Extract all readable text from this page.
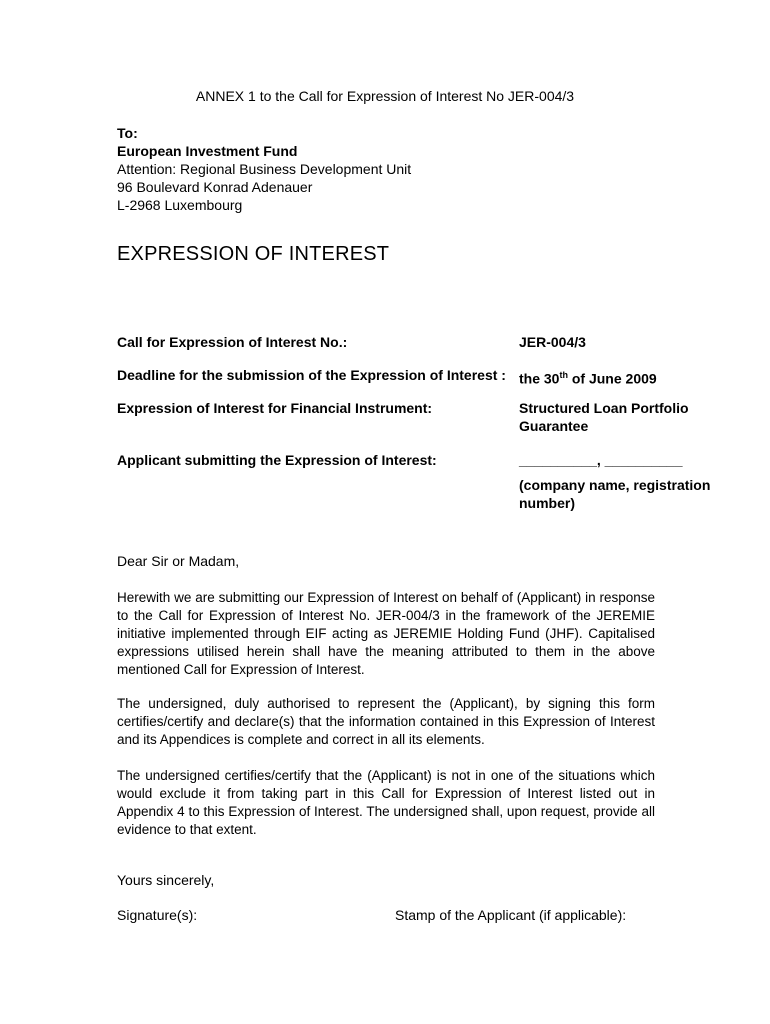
ANNEX 1 to the Call for Expression of Interest No JER-004/3
To:
European Investment Fund
Attention: Regional Business Development Unit
96 Boulevard Konrad Adenauer
L-2968 Luxembourg
EXPRESSION OF INTEREST
Call for Expression of Interest No.:	JER-004/3
Deadline for the submission of the Expression of Interest : the 30th of June 2009
Expression of Interest for Financial Instrument:	Structured Loan Portfolio Guarantee
Applicant submitting the Expression of Interest:	__________, __________
(company name, registration number)
Dear Sir or Madam,

Herewith we are submitting our Expression of Interest on behalf of (Applicant) in response to the Call for Expression of Interest No. JER-004/3 in the framework of the JEREMIE initiative implemented through EIF acting as JEREMIE Holding Fund (JHF). Capitalised expressions utilised herein shall have the meaning attributed to them in the above mentioned Call for Expression of Interest.

The undersigned, duly authorised to represent the (Applicant), by signing this form certifies/certify and declare(s) that the information contained in this Expression of Interest and its Appendices is complete and correct in all its elements.

The undersigned certifies/certify that the (Applicant) is not in one of the situations which would exclude it from taking part in this Call for Expression of Interest listed out in Appendix 4 to this Expression of Interest. The undersigned shall, upon request, provide all evidence to that extent.

Yours sincerely,
Signature(s):	Stamp of the Applicant (if applicable):
